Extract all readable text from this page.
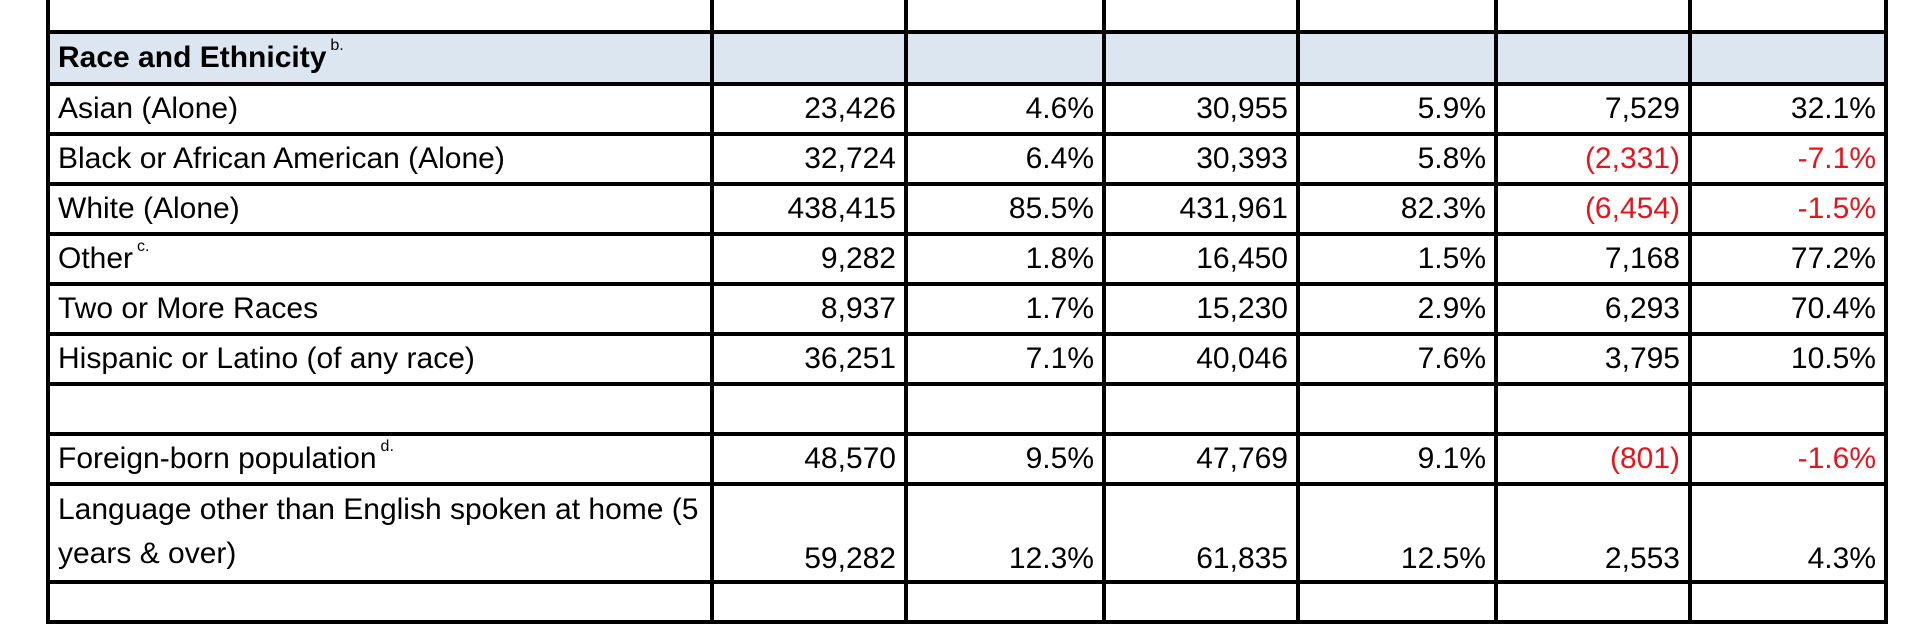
Race and Ethnicity $^{b.}$						
Asian (Alone)	23,426	4.6%	30,955	5.9%	7,529	32.1%
Black or African American (Alone)	32,724	6.4%	30,393	5.8%	(2,331)	-7.1%
White (Alone)	438,415	85.5%	431,961	82.3%	(6,454)	-1.5%
Other $^{c.}$	9,282	1.8%	16,450	1.5%	7,168	77.2%
Two or More Races	8,937	1.7%	15,230	2.9%	6,293	70.4%
Hispanic or Latino (of any race)	36,251	7.1%	40,046	7.6%	3,795	10.5%

Foreign-born population $^{d.}$	48,570	9.5%	47,769	9.1%	(801)	-1.6%
Language other than English spoken at home (5 years & over)	59,282	12.3%	61,835	12.5%	2,553	4.3%
